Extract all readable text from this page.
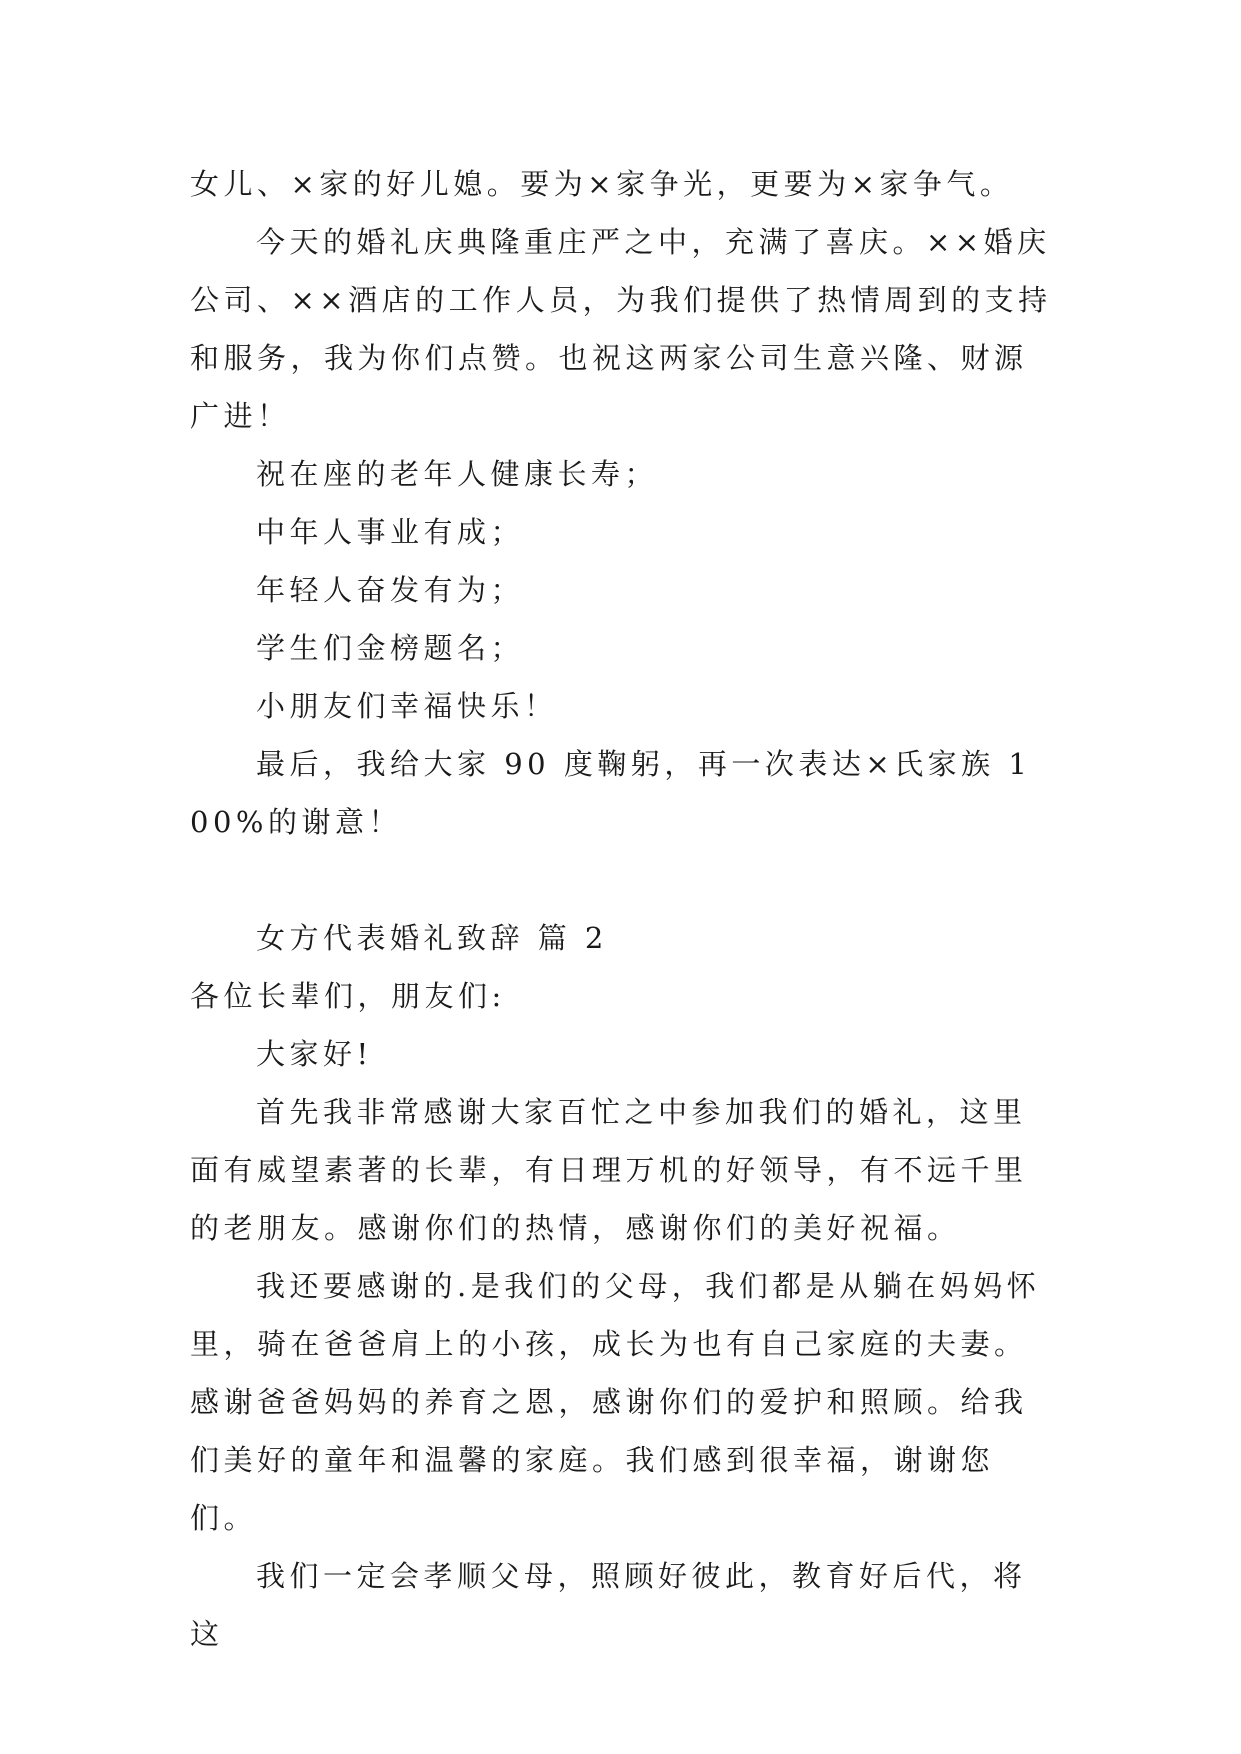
女儿、×家的好儿媳。要为×家争光，更要为×家争气。

今天的婚礼庆典隆重庄严之中，充满了喜庆。××婚庆公司、××酒店的工作人员，为我们提供了热情周到的支持和服务，我为你们点赞。也祝这两家公司生意兴隆、财源广进！

祝在座的老年人健康长寿；

中年人事业有成；

年轻人奋发有为；

学生们金榜题名；

小朋友们幸福快乐！

最后，我给大家 90 度鞠躬，再一次表达×氏家族 100%的谢意！

女方代表婚礼致辞 篇 2

各位长辈们，朋友们:

大家好!

首先我非常感谢大家百忙之中参加我们的婚礼，这里面有威望素著的长辈，有日理万机的好领导，有不远千里的老朋友。感谢你们的热情，感谢你们的美好祝福。

我还要感谢的.是我们的父母，我们都是从躺在妈妈怀里，骑在爸爸肩上的小孩，成长为也有自己家庭的夫妻。感谢爸爸妈妈的养育之恩，感谢你们的爱护和照顾。给我们美好的童年和温馨的家庭。我们感到很幸福，谢谢您们。

我们一定会孝顺父母，照顾好彼此，教育好后代，将这
